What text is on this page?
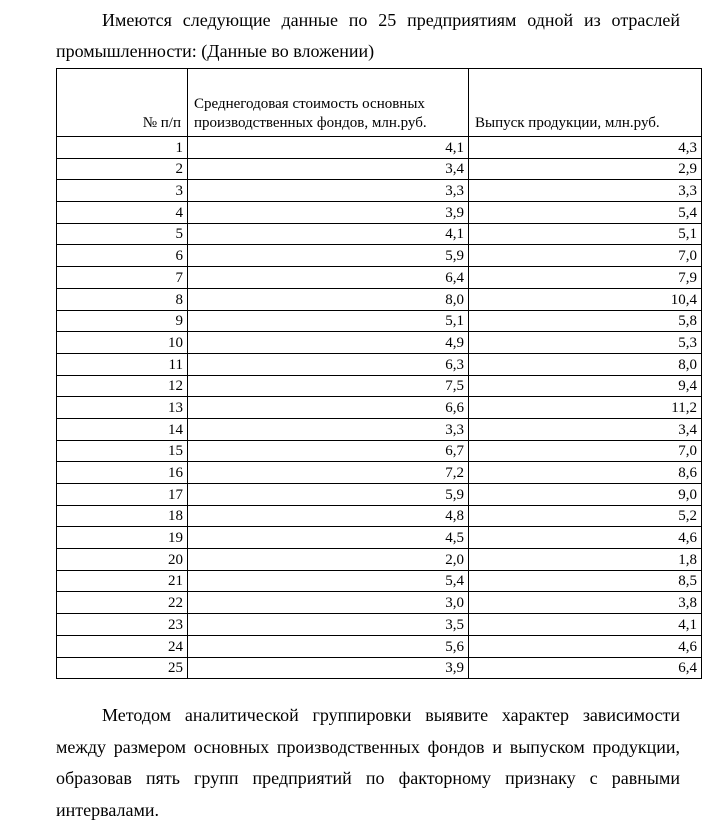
Имеются следующие данные по 25 предприятиям одной из отраслей промышленности: (Данные во вложении)

№ п/п	Среднегодовая стоимость основных производственных фондов, млн.руб.	Выпуск продукции, млн.руб.
1	4,1	4,3
2	3,4	2,9
3	3,3	3,3
4	3,9	5,4
5	4,1	5,1
6	5,9	7,0
7	6,4	7,9
8	8,0	10,4
9	5,1	5,8
10	4,9	5,3
11	6,3	8,0
12	7,5	9,4
13	6,6	11,2
14	3,3	3,4
15	6,7	7,0
16	7,2	8,6
17	5,9	9,0
18	4,8	5,2
19	4,5	4,6
20	2,0	1,8
21	5,4	8,5
22	3,0	3,8
23	3,5	4,1
24	5,6	4,6
25	3,9	6,4

Методом аналитической группировки выявите характер зависимости между размером основных производственных фондов и выпуском продукции, образовав пять групп предприятий по факторному признаку с равными интервалами.
